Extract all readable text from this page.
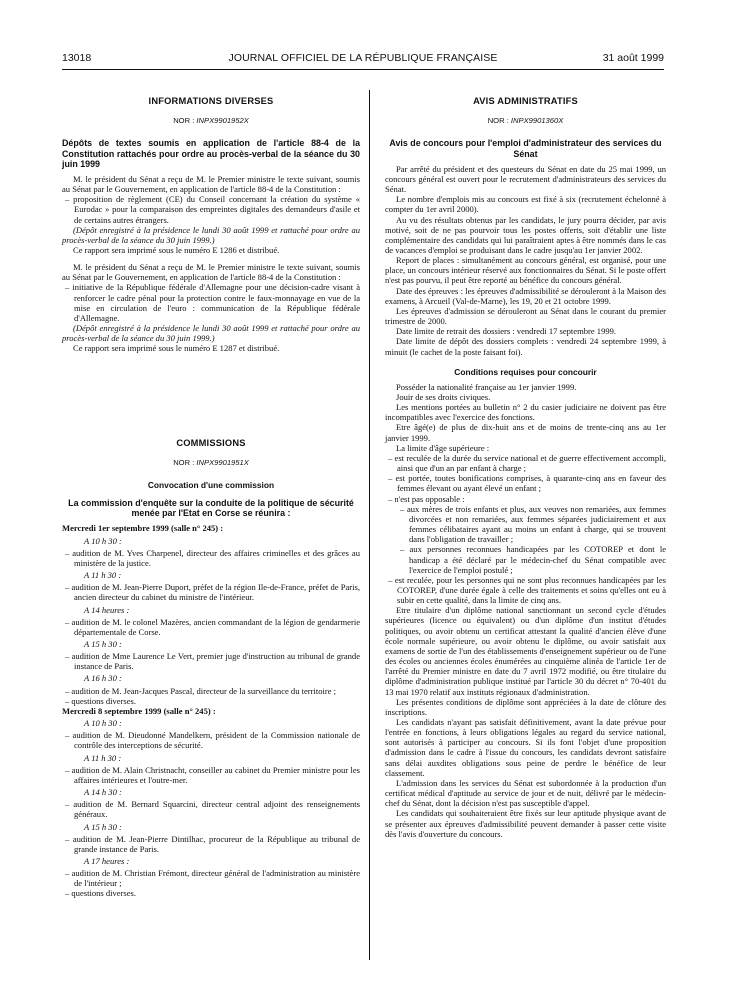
13018	JOURNAL OFFICIEL DE LA RÉPUBLIQUE FRANÇAISE	31 août 1999

INFORMATIONS DIVERSES

NOR : INPX9901952X

Dépôts de textes soumis en application de l'article 88-4 de la Constitution rattachés pour ordre au procès-verbal de la séance du 30 juin 1999

M. le président du Sénat a reçu de M. le Premier ministre le texte suivant, soumis au Sénat par le Gouvernement, en application de l'article 88-4 de la Constitution :

– proposition de règlement (CE) du Conseil concernant la création du système « Eurodac » pour la comparaison des empreintes digitales des demandeurs d'asile et de certains autres étrangers.

(Dépôt enregistré à la présidence le lundi 30 août 1999 et rattaché pour ordre au procès-verbal de la séance du 30 juin 1999.)

Ce rapport sera imprimé sous le numéro E 1286 et distribué.

M. le président du Sénat a reçu de M. le Premier ministre le texte suivant, soumis au Sénat par le Gouvernement, en application de l'article 88-4 de la Constitution :

– initiative de la République fédérale d'Allemagne pour une décision-cadre visant à renforcer le cadre pénal pour la protection contre le faux-monnayage en vue de la mise en circulation de l'euro : communication de la République fédérale d'Allemagne.

(Dépôt enregistré à la présidence le lundi 30 août 1999 et rattaché pour ordre au procès-verbal de la séance du 30 juin 1999.)

Ce rapport sera imprimé sous le numéro E 1287 et distribué.

COMMISSIONS

NOR : INPX9901951X

Convocation d'une commission

La commission d'enquête sur la conduite de la politique de sécurité menée par l'Etat en Corse se réunira :

Mercredi 1er septembre 1999 (salle n° 245) :

A 10 h 30 :

– audition de M. Yves Charpenel, directeur des affaires criminelles et des grâces au ministère de la justice.

A 11 h 30 :

– audition de M. Jean-Pierre Duport, préfet de la région Ile-de-France, préfet de Paris, ancien directeur du cabinet du ministre de l'intérieur.

A 14 heures :

– audition de M. le colonel Mazères, ancien commandant de la légion de gendarmerie départementale de Corse.

A 15 h 30 :

– audition de Mme Laurence Le Vert, premier juge d'instruction au tribunal de grande instance de Paris.

A 16 h 30 :

– audition de M. Jean-Jacques Pascal, directeur de la surveillance du territoire ;

– questions diverses.

Mercredi 8 septembre 1999 (salle n° 245) :

A 10 h 30 :

– audition de M. Dieudonné Mandelkern, président de la Commission nationale de contrôle des interceptions de sécurité.

A 11 h 30 :

– audition de M. Alain Christnacht, conseiller au cabinet du Premier ministre pour les affaires intérieures et l'outre-mer.

A 14 h 30 :

– audition de M. Bernard Squarcini, directeur central adjoint des renseignements généraux.

A 15 h 30 :

– audition de M. Jean-Pierre Dintilhac, procureur de la République au tribunal de grande instance de Paris.

A 17 heures :

– audition de M. Christian Frémont, directeur général de l'administration au ministère de l'intérieur ;

– questions diverses.

AVIS ADMINISTRATIFS

NOR : INPX9901360X

Avis de concours pour l'emploi d'administrateur des services du Sénat

Par arrêté du président et des questeurs du Sénat en date du 25 mai 1999, un concours général est ouvert pour le recrutement d'administrateurs des services du Sénat.

Le nombre d'emplois mis au concours est fixé à six (recrutement échelonné à compter du 1er avril 2000).

Au vu des résultats obtenus par les candidats, le jury pourra décider, par avis motivé, soit de ne pas pourvoir tous les postes offerts, soit d'établir une liste complémentaire des candidats qui lui paraîtraient aptes à être nommés dans le cas de vacances d'emploi se produisant dans le cadre jusqu'au 1er janvier 2002.

Report de places : simultanément au concours général, est organisé, pour une place, un concours intérieur réservé aux fonctionnaires du Sénat. Si le poste offert n'est pas pourvu, il peut être reporté au bénéfice du concours général.

Date des épreuves : les épreuves d'admissibilité se dérouleront à la Maison des examens, à Arcueil (Val-de-Marne), les 19, 20 et 21 octobre 1999.

Les épreuves d'admission se dérouleront au Sénat dans le courant du premier trimestre de 2000.

Date limite de retrait des dossiers : vendredi 17 septembre 1999.

Date limite de dépôt des dossiers complets : vendredi 24 septembre 1999, à minuit (le cachet de la poste faisant foi).

Conditions requises pour concourir

Posséder la nationalité française au 1er janvier 1999.

Jouir de ses droits civiques.

Les mentions portées au bulletin n° 2 du casier judiciaire ne doivent pas être incompatibles avec l'exercice des fonctions.

Etre âgé(e) de plus de dix-huit ans et de moins de trente-cinq ans au 1er janvier 1999.

La limite d'âge supérieure :

– est reculée de la durée du service national et de guerre effectivement accompli, ainsi que d'un an par enfant à charge ;

– est portée, toutes bonifications comprises, à quarante-cinq ans en faveur des femmes élevant ou ayant élevé un enfant ;

– n'est pas opposable :

– aux mères de trois enfants et plus, aux veuves non remariées, aux femmes divorcées et non remariées, aux femmes séparées judiciairement et aux femmes célibataires ayant au moins un enfant à charge, qui se trouvent dans l'obligation de travailler ;

– aux personnes reconnues handicapées par les COTOREP et dont le handicap a été déclaré par le médecin-chef du Sénat compatible avec l'exercice de l'emploi postulé ;

– est reculée, pour les personnes qui ne sont plus reconnues handicapées par les COTOREP, d'une durée égale à celle des traitements et soins qu'elles ont eu à subir en cette qualité, dans la limite de cinq ans.

Etre titulaire d'un diplôme national sanctionnant un second cycle d'études supérieures (licence ou équivalent) ou d'un diplôme d'un institut d'études politiques, ou avoir obtenu un certificat attestant la qualité d'ancien élève d'une école normale supérieure, ou avoir obtenu le diplôme, ou avoir satisfait aux examens de sortie de l'un des établissements d'enseignement supérieur ou de l'une des écoles ou anciennes écoles énumérées au cinquième alinéa de l'article 1er de l'arrêté du Premier ministre en date du 7 avril 1972 modifié, ou être titulaire du diplôme d'administration publique institué par l'article 30 du décret n° 70-401 du 13 mai 1970 relatif aux instituts régionaux d'administration.

Les présentes conditions de diplôme sont appréciées à la date de clôture des inscriptions.

Les candidats n'ayant pas satisfait définitivement, avant la date prévue pour l'entrée en fonctions, à leurs obligations légales au regard du service national, sont autorisés à participer au concours. Si ils font l'objet d'une proposition d'admission dans le cadre à l'issue du concours, les candidats devront satisfaire sans délai auxdites obligations sous peine de perdre le bénéfice de leur classement.

L'admission dans les services du Sénat est subordonnée à la production d'un certificat médical d'aptitude au service de jour et de nuit, délivré par le médecin-chef du Sénat, dont la décision n'est pas susceptible d'appel.

Les candidats qui souhaiteraient être fixés sur leur aptitude physique avant de se présenter aux épreuves d'admissibilité peuvent demander à passer cette visite dès l'avis d'ouverture du concours.
